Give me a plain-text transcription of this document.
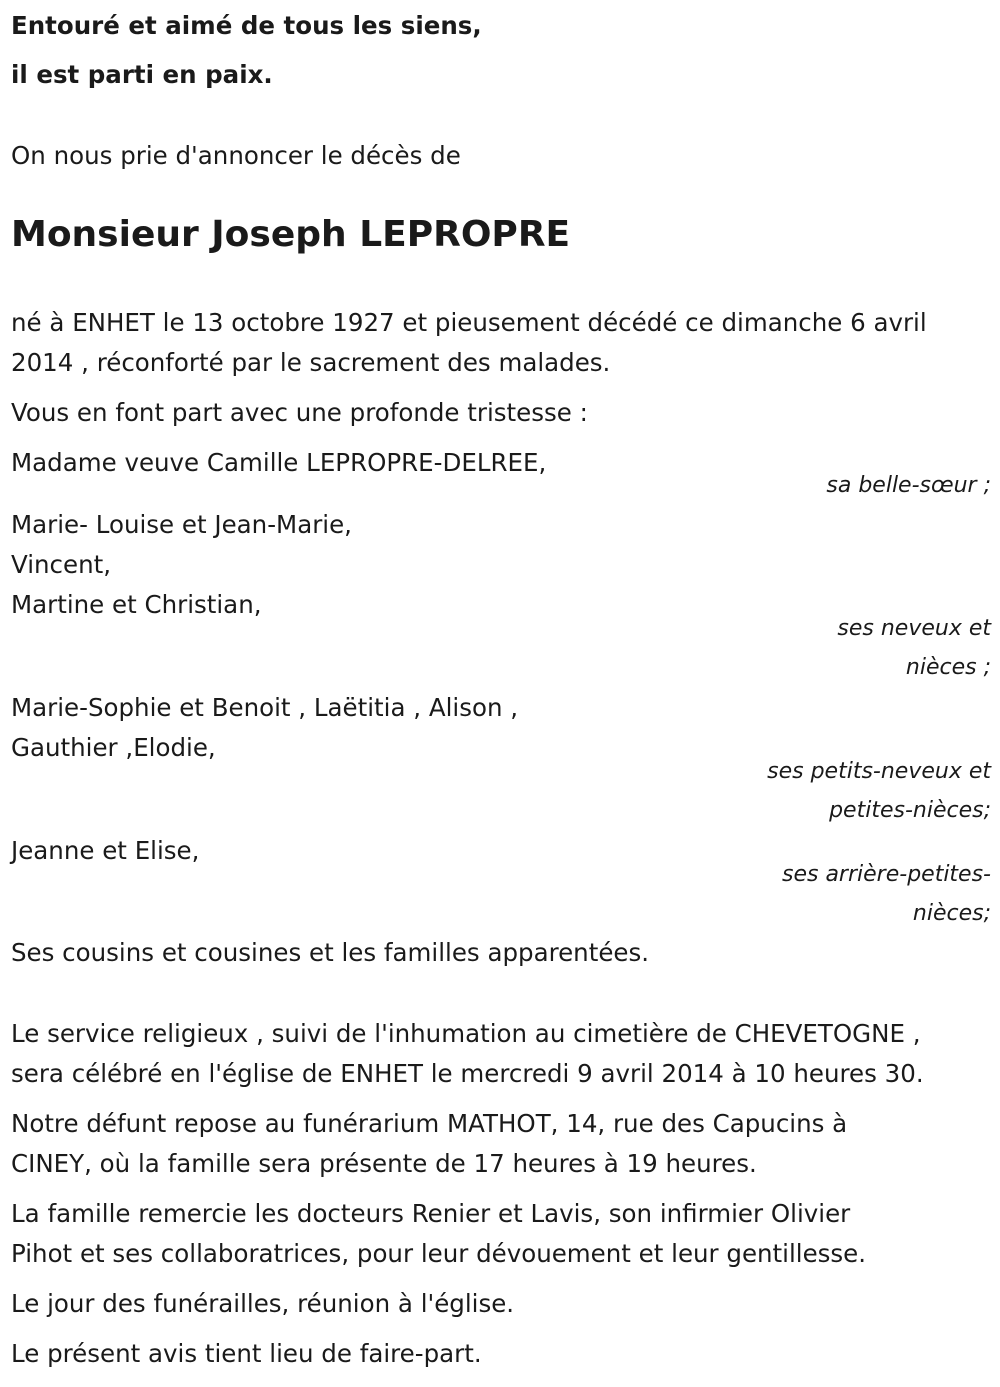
Entouré et aimé de tous les siens,
il est parti en paix.
On nous prie d'annoncer le décès de
Monsieur Joseph LEPROPRE
né à ENHET le 13 octobre 1927 et pieusement décédé ce dimanche 6 avril
2014 , réconforté par le sacrement des malades.
Vous en font part avec une profonde tristesse :
Madame veuve Camille LEPROPRE-DELREE,
sa belle-sœur ;
Marie- Louise et Jean-Marie,
Vincent,
Martine et Christian,
ses neveux et
nièces ;
Marie-Sophie et Benoit , Laëtitia , Alison ,
Gauthier ,Elodie,
ses petits-neveux et
petites-nièces;
Jeanne et Elise,
ses arrière-petites-
nièces;
Ses cousins et cousines et les familles apparentées.
Le service religieux , suivi de l'inhumation au cimetière de CHEVETOGNE ,
sera célébré en l'église de ENHET le mercredi 9 avril 2014 à 10 heures 30.
Notre défunt repose au funérarium MATHOT, 14, rue des Capucins à
CINEY, où la famille sera présente de 17 heures à 19 heures.
La famille remercie les docteurs Renier et Lavis, son infirmier Olivier
Pihot et ses collaboratrices, pour leur dévouement et leur gentillesse.
Le jour des funérailles, réunion à l'église.
Le présent avis tient lieu de faire-part.
